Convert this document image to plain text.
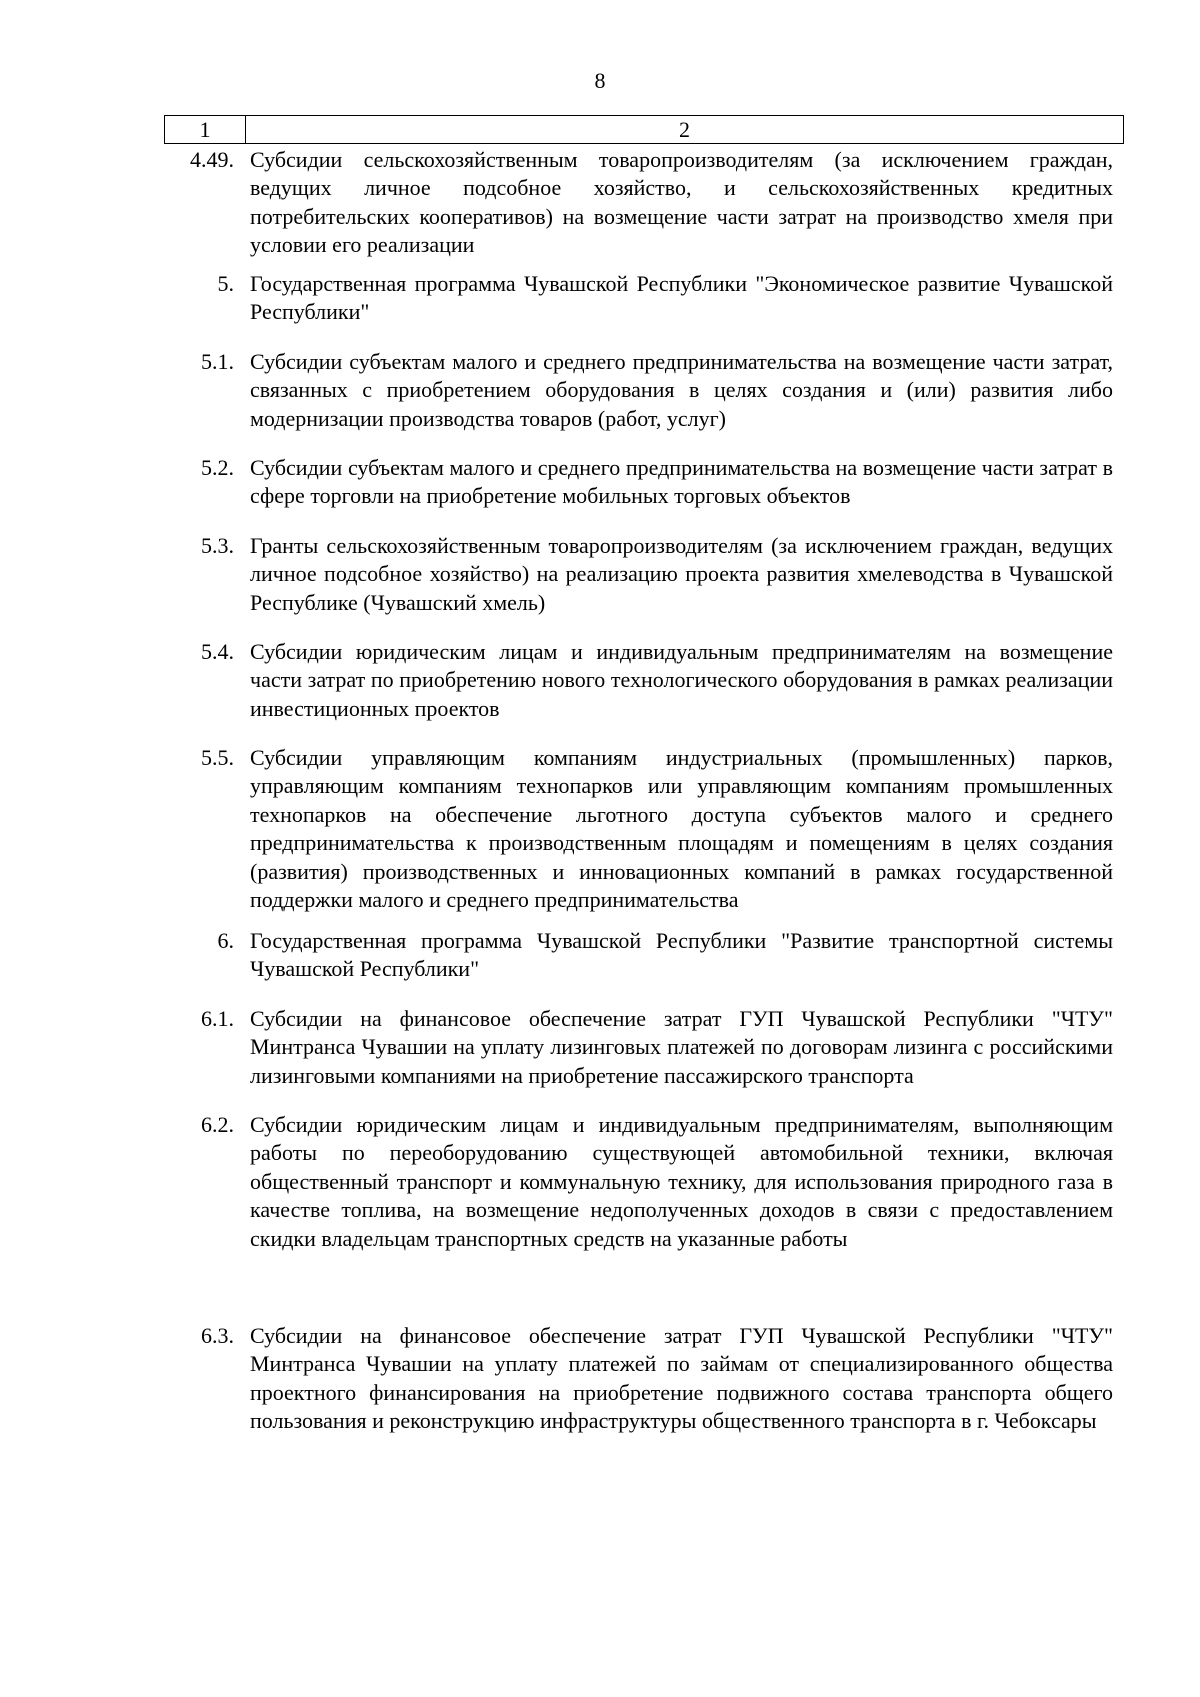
8
1	2
4.49. Субсидии сельскохозяйственным товаропроизводителям (за исключением граждан, ведущих личное подсобное хозяйство, и сельскохозяйственных кредитных потребительских кооперативов) на возмещение части затрат на производство хмеля при условии его реализации
5. Государственная программа Чувашской Республики "Экономическое развитие Чувашской Республики"
5.1. Субсидии субъектам малого и среднего предпринимательства на возмещение части затрат, связанных с приобретением оборудования в целях создания и (или) развития либо модернизации производства товаров (работ, услуг)
5.2. Субсидии субъектам малого и среднего предпринимательства на возмещение части затрат в сфере торговли на приобретение мобильных торговых объектов
5.3. Гранты сельскохозяйственным товаропроизводителям (за исключением граждан, ведущих личное подсобное хозяйство) на реализацию проекта развития хмелеводства в Чувашской Республике (Чувашский хмель)
5.4. Субсидии юридическим лицам и индивидуальным предпринимателям на возмещение части затрат по приобретению нового технологического оборудования в рамках реализации инвестиционных проектов
5.5. Субсидии управляющим компаниям индустриальных (промышленных) парков, управляющим компаниям технопарков или управляющим компаниям промышленных технопарков на обеспечение льготного доступа субъектов малого и среднего предпринимательства к производственным площадям и помещениям в целях создания (развития) производственных и инновационных компаний в рамках государственной поддержки малого и среднего предпринимательства
6. Государственная программа Чувашской Республики "Развитие транспортной системы Чувашской Республики"
6.1. Субсидии на финансовое обеспечение затрат ГУП Чувашской Республики "ЧТУ" Минтранса Чувашии на уплату лизинговых платежей по договорам лизинга с российскими лизинговыми компаниями на приобретение пассажирского транспорта
6.2. Субсидии юридическим лицам и индивидуальным предпринимателям, выполняющим работы по переоборудованию существующей автомобильной техники, включая общественный транспорт и коммунальную технику, для использования природного газа в качестве топлива, на возмещение недополученных доходов в связи с предоставлением скидки владельцам транспортных средств на указанные работы
6.3. Субсидии на финансовое обеспечение затрат ГУП Чувашской Республики "ЧТУ" Минтранса Чувашии на уплату платежей по займам от специализированного общества проектного финансирования на приобретение подвижного состава транспорта общего пользования и реконструкцию инфраструктуры общественного транспорта в г. Чебоксары
